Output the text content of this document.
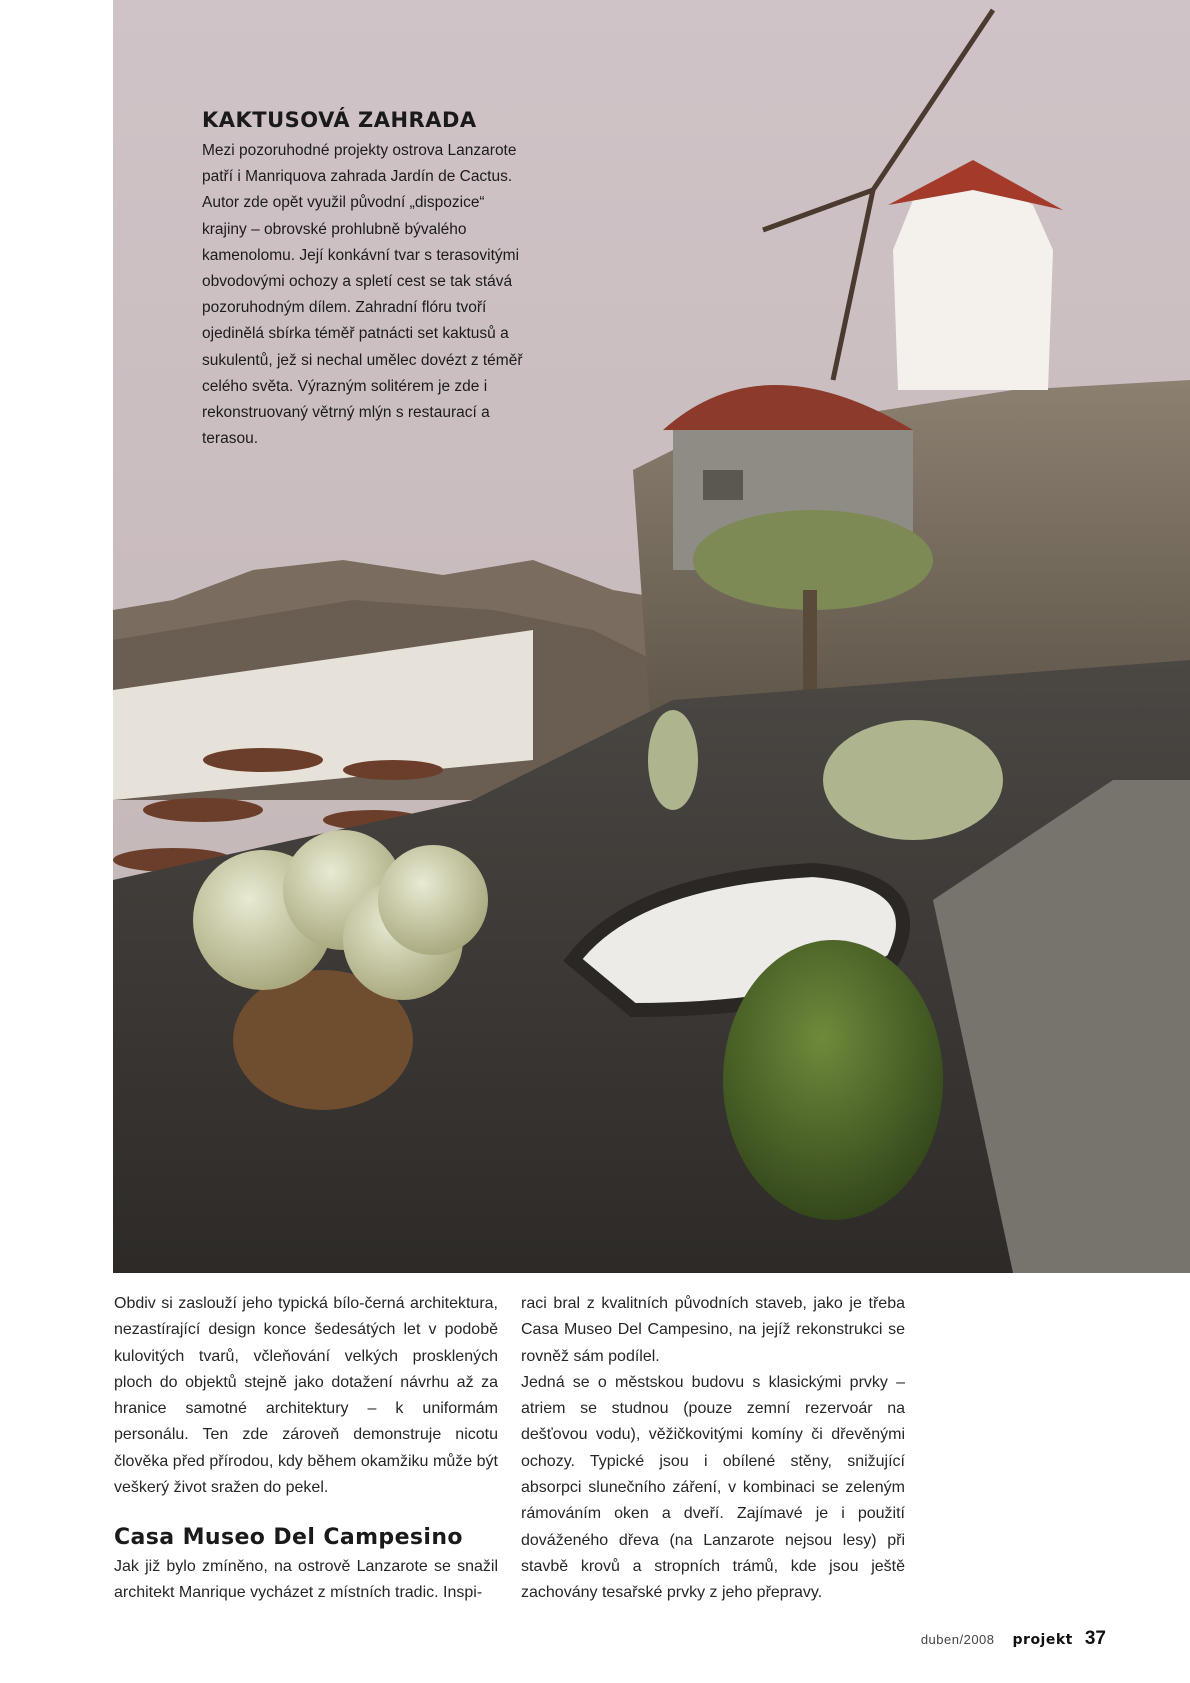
KAKTUSOVÁ ZAHRADA

Mezi pozoruhodné projekty ostrova Lanzarote patří i Manriquova zahrada Jardín de Cactus. Autor zde opět využil původní „dispozice“ krajiny – obrovské prohlubně bývalého kamenolomu. Její konkávní tvar s terasovitými obvodovými ochozy a spletí cest se tak stává pozoruhodným dílem. Zahradní flóru tvoří ojedinělá sbírka téměř patnácti set kaktusů a sukulentů, jež si nechal umělec dovézt z téměř celého světa. Výrazným solitérem je zde i rekonstruovaný větrný mlýn s restaurací a terasou.

Obdiv si zaslouží jeho typická bílo-černá architektura, nezastírající design konce šedesátých let v podobě kulovitých tvarů, včleňování velkých prosklených ploch do objektů stejně jako dotažení návrhu až za hranice samotné architektury – k uniformám personálu. Ten zde zároveň demonstruje nicotu člověka před přírodou, kdy během okamžiku může být veškerý život sražen do pekel.

Casa Museo Del Campesino

Jak již bylo zmíněno, na ostrově Lanzarote se snažil architekt Manrique vycházet z místních tradic. Inspi-

raci bral z kvalitních původních staveb, jako je třeba Casa Museo Del Campesino, na jejíž rekonstrukci se rovněž sám podílel.

Jedná se o městskou budovu s klasickými prvky – atriem se studnou (pouze zemní rezervoár na dešťovou vodu), věžičkovitými komíny či dřevěnými ochozy. Typické jsou i obílené stěny, snižující absorpci slunečního záření, v kombinaci se zeleným rámováním oken a dveří. Zajímavé je i použití dováženého dřeva (na Lanzarote nejsou lesy) při stavbě krovů a stropních trámů, kde jsou ještě zachovány tesařské prvky z jeho přepravy.

duben/2008 projekt 37
